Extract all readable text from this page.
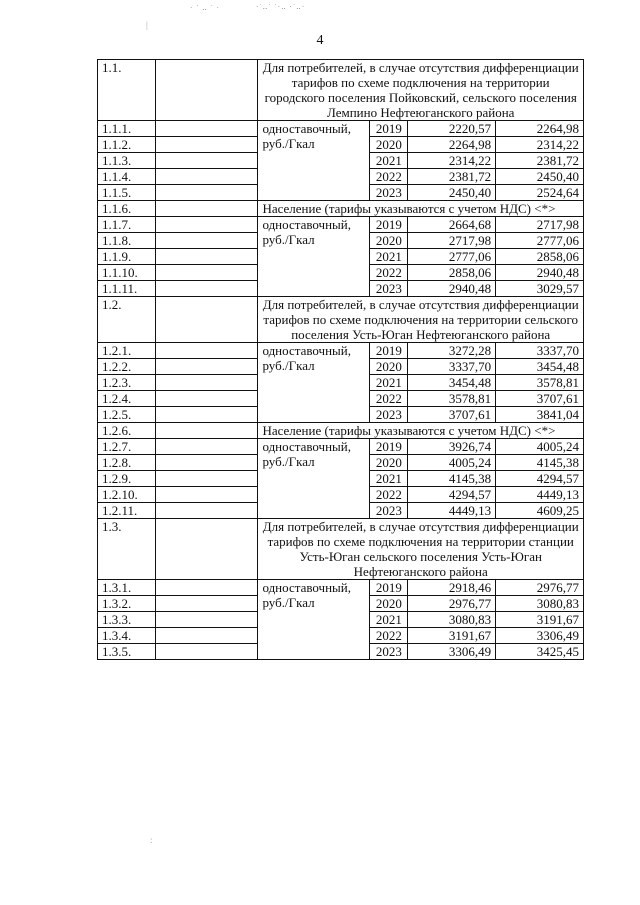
· ˙ ‥ ˙ ·	·˙‥˙ ˙·‥ ·˙‥·
|
:
4
1.1.		Для потребителей, в случае отсутствия дифференциации тарифов по схеме подключения на территории городского поселения Пойковский, сельского поселения Лемпино Нефтеюганского района			
1.1.1.		одноставочный, руб./Гкал	2019	2220,57	2264,98
1.1.2.			2020	2264,98	2314,22
1.1.3.			2021	2314,22	2381,72
1.1.4.			2022	2381,72	2450,40
1.1.5.			2023	2450,40	2524,64
1.1.6.		Население (тарифы указываются с учетом НДС) <*>			
1.1.7.		одноставочный, руб./Гкал	2019	2664,68	2717,98
1.1.8.			2020	2717,98	2777,06
1.1.9.			2021	2777,06	2858,06
1.1.10.			2022	2858,06	2940,48
1.1.11.			2023	2940,48	3029,57
1.2.		Для потребителей, в случае отсутствия дифференциации тарифов по схеме подключения на территории сельского поселения Усть-Юган Нефтеюганского района			
1.2.1.		одноставочный, руб./Гкал	2019	3272,28	3337,70
1.2.2.			2020	3337,70	3454,48
1.2.3.			2021	3454,48	3578,81
1.2.4.			2022	3578,81	3707,61
1.2.5.			2023	3707,61	3841,04
1.2.6.		Население (тарифы указываются с учетом НДС) <*>			
1.2.7.		одноставочный, руб./Гкал	2019	3926,74	4005,24
1.2.8.			2020	4005,24	4145,38
1.2.9.			2021	4145,38	4294,57
1.2.10.			2022	4294,57	4449,13
1.2.11.			2023	4449,13	4609,25
1.3.		Для потребителей, в случае отсутствия дифференциации тарифов по схеме подключения на территории станции Усть-Юган сельского поселения Усть-Юган Нефтеюганского района			
1.3.1.		одноставочный, руб./Гкал	2019	2918,46	2976,77
1.3.2.			2020	2976,77	3080,83
1.3.3.			2021	3080,83	3191,67
1.3.4.			2022	3191,67	3306,49
1.3.5.			2023	3306,49	3425,45
